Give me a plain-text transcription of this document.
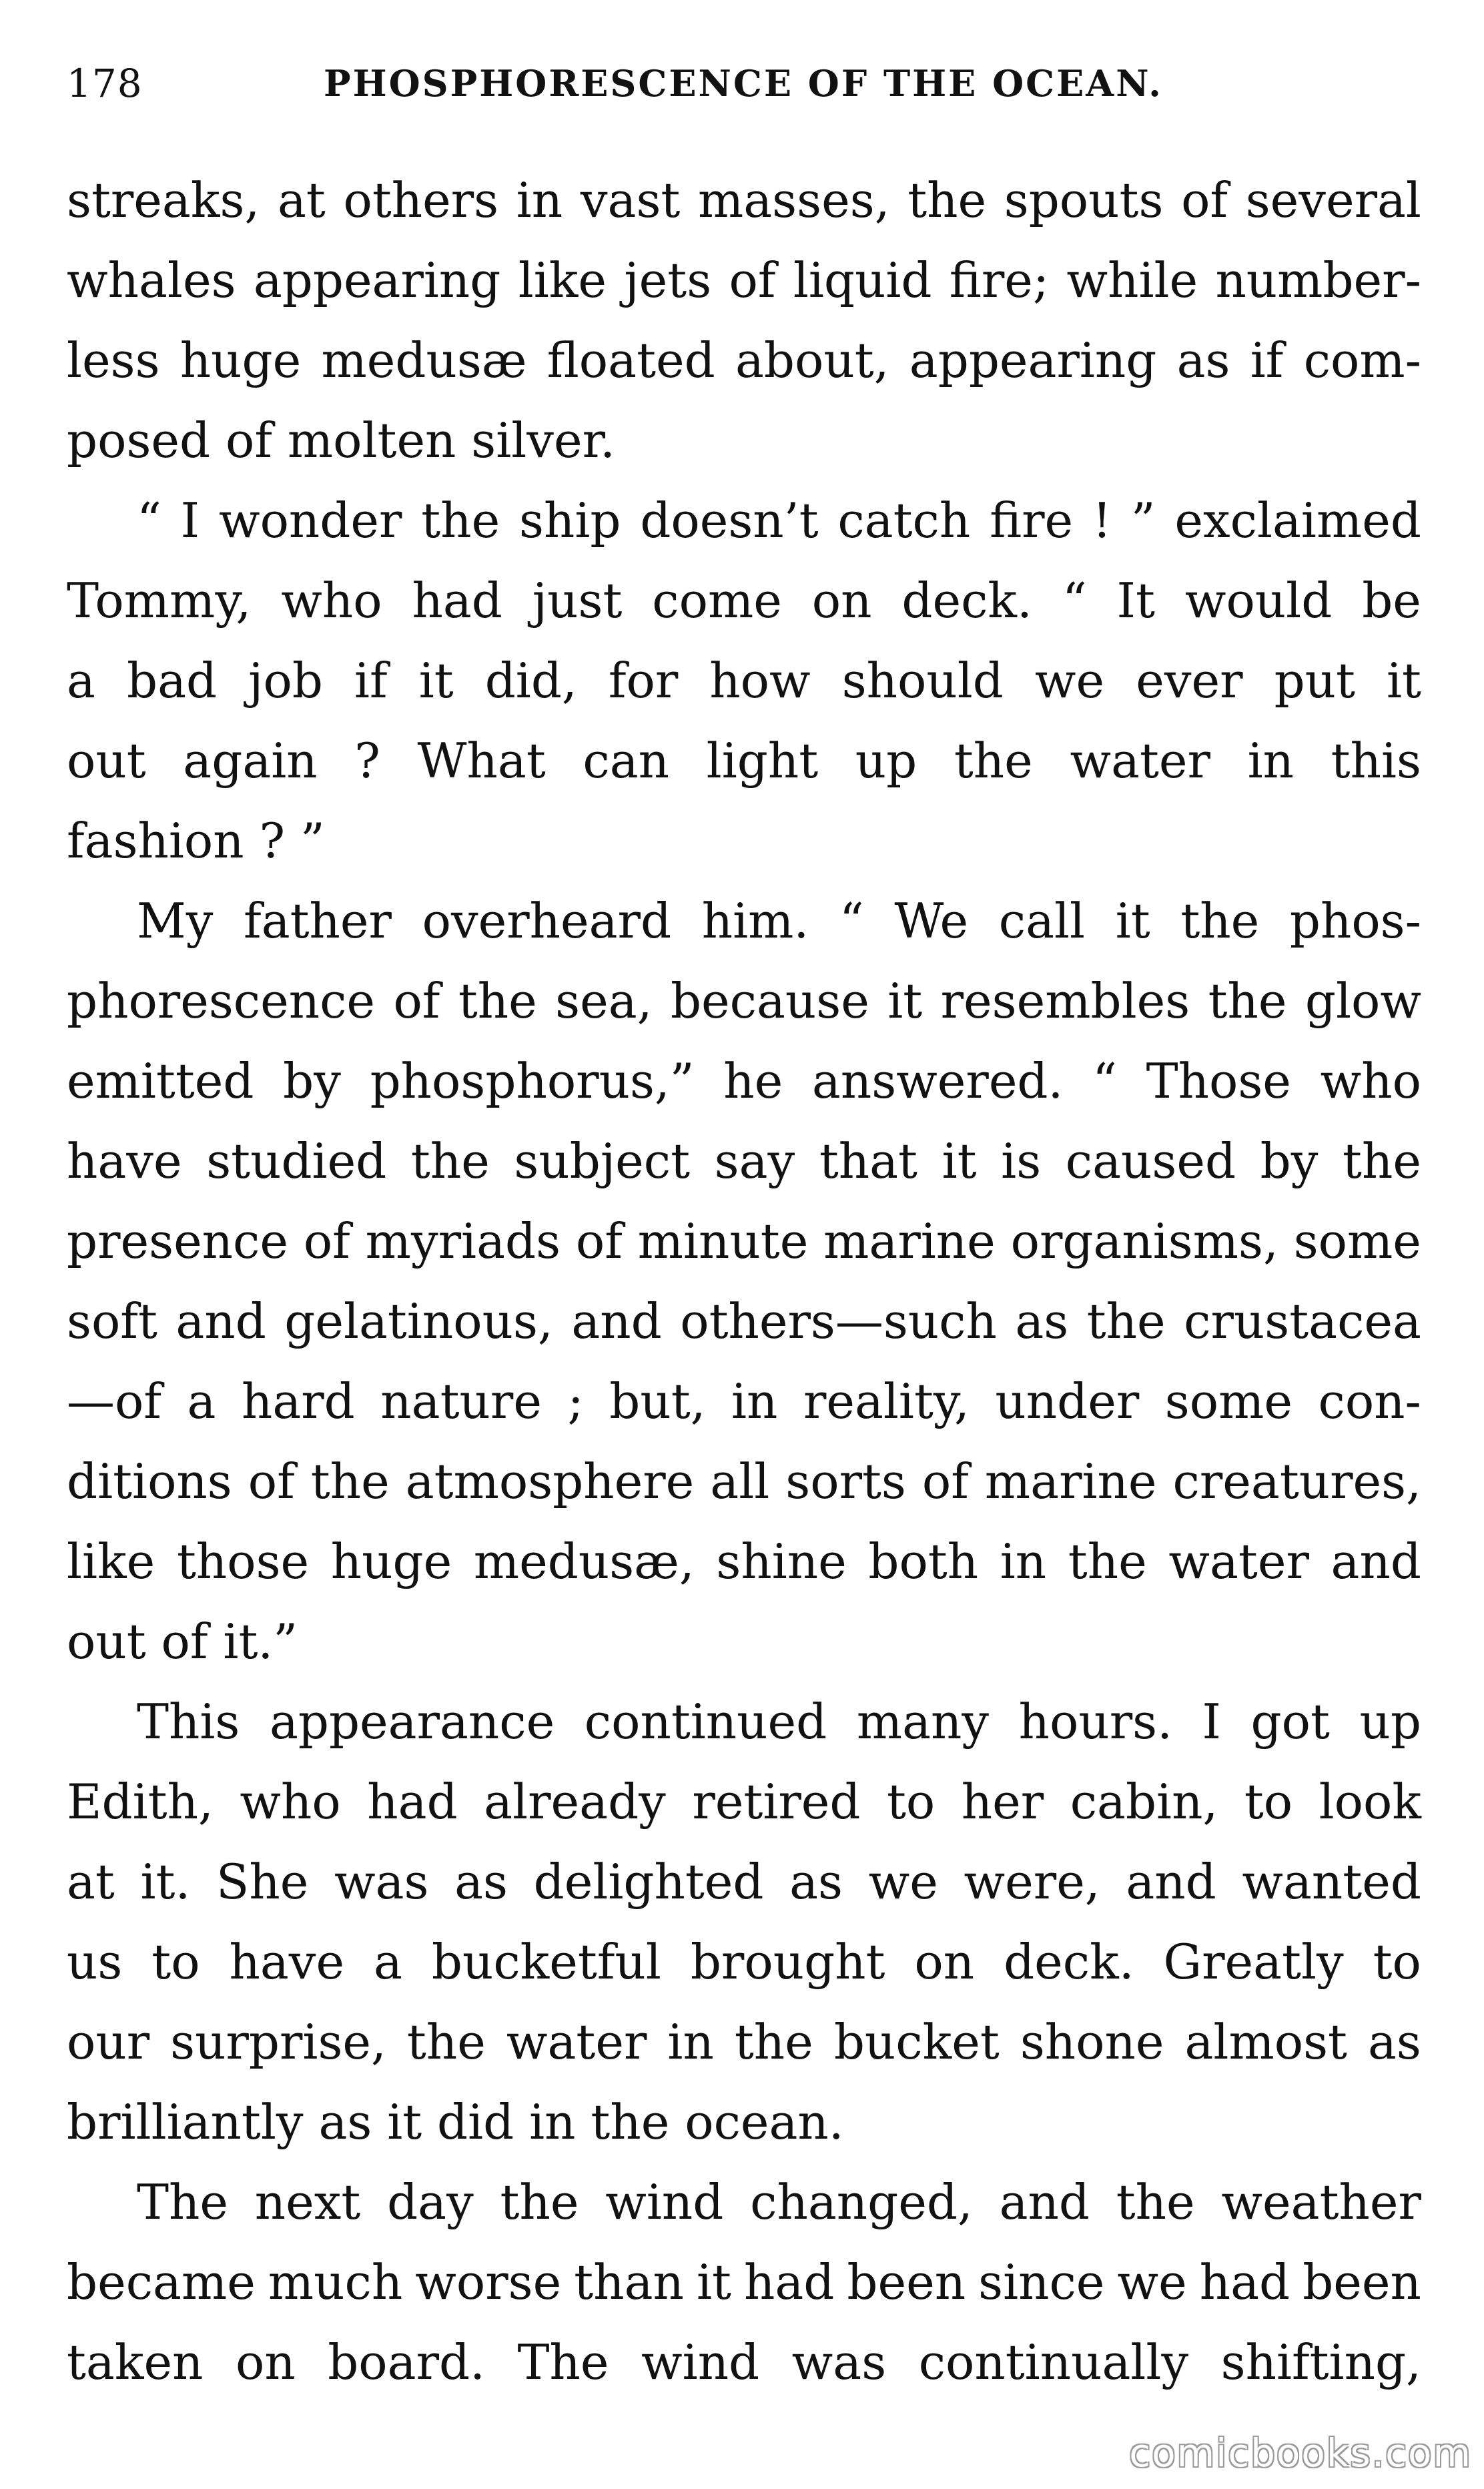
178	PHOSPHORESCENCE OF THE OCEAN.
streaks, at others in vast masses, the spouts of several
whales appearing like jets of liquid fire; while number-
less huge medusæ floated about, appearing as if com-
posed of molten silver.
“ I wonder the ship doesn’t catch fire ! ” exclaimed
Tommy, who had just come on deck. “ It would be
a bad job if it did, for how should we ever put it
out again ? What can light up the water in this
fashion ? ”
My father overheard him. “ We call it the phos-
phorescence of the sea, because it resembles the glow
emitted by phosphorus,” he answered. “ Those who
have studied the subject say that it is caused by the
presence of myriads of minute marine organisms, some
soft and gelatinous, and others—such as the crustacea
—of a hard nature ; but, in reality, under some con-
ditions of the atmosphere all sorts of marine creatures,
like those huge medusæ, shine both in the water and
out of it.”
This appearance continued many hours. I got up
Edith, who had already retired to her cabin, to look
at it. She was as delighted as we were, and wanted
us to have a bucketful brought on deck. Greatly to
our surprise, the water in the bucket shone almost as
brilliantly as it did in the ocean.
The next day the wind changed, and the weather
became much worse than it had been since we had been
taken on board. The wind was continually shifting,
comicbooks.com
